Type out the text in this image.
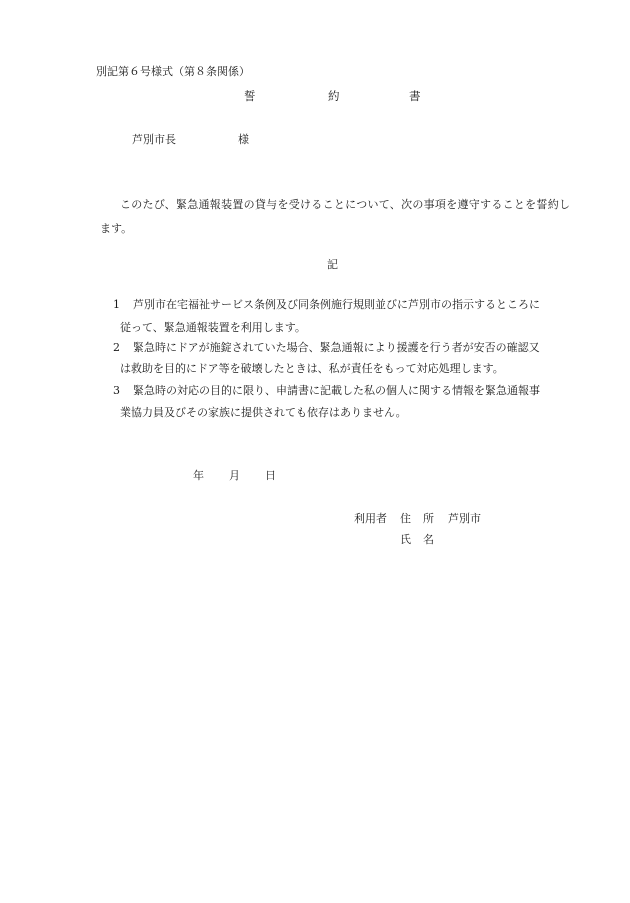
別記第６号様式（第８条関係）
誓	約	書
芦別市長	様
このたび、緊急通報装置の貸与を受けることについて、次の事項を遵守することを誓約します。
記
1 芦別市在宅福祉サービス条例及び同条例施行規則並びに芦別市の指示するところに
従って、緊急通報装置を利用します。
2 緊急時にドアが施錠されていた場合、緊急通報により援護を行う者が安否の確認又
は救助を目的にドア等を破壊したときは、私が責任をもって対応処理します。
3 緊急時の対応の目的に限り、申請書に記載した私の個人に関する情報を緊急通報事
業協力員及びその家族に提供されても依存はありません。
年 月 日
利用者 住所 芦別市
氏名
